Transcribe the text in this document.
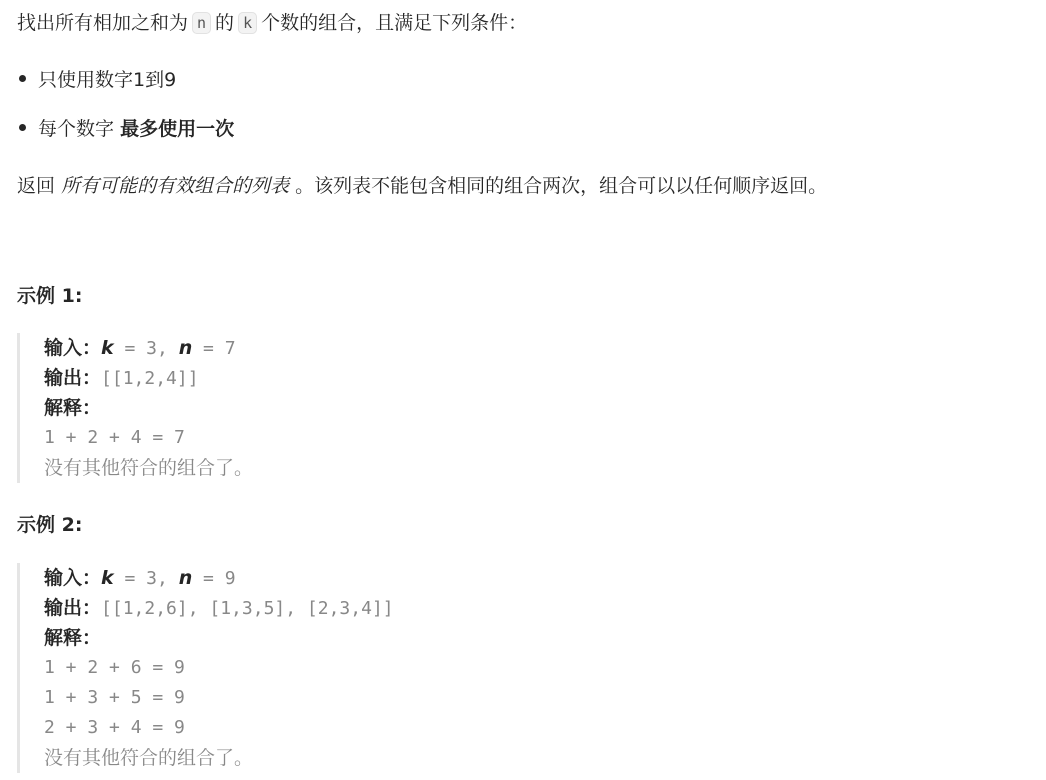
找出所有相加之和为 n 的 k 个数的组合，且满足下列条件：
只使用数字1到9
每个数字 最多使用一次
返回 所有可能的有效组合的列表 。该列表不能包含相同的组合两次，组合可以以任何顺序返回。
示例 1:
输入：k = 3, n = 7
输出：[[1,2,4]]
解释：
1 + 2 + 4 = 7
没有其他符合的组合了。
示例 2:
输入：k = 3, n = 9
输出：[[1,2,6], [1,3,5], [2,3,4]]
解释：
1 + 2 + 6 = 9
1 + 3 + 5 = 9
2 + 3 + 4 = 9
没有其他符合的组合了。
